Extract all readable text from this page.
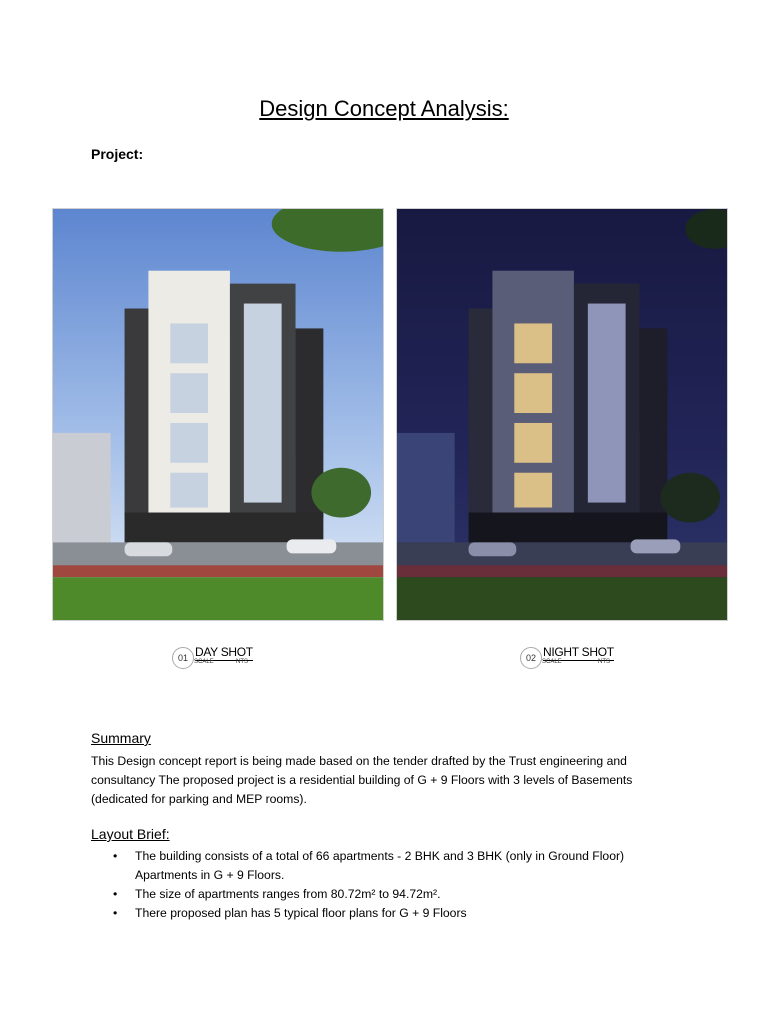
Design Concept Analysis:
Project:
01 DAY SHOT
SCALE	NTS	02 NIGHT SHOT
SCALE	NTS
Summary
This Design concept report is being made based on the tender drafted by the Trust engineering and consultancy The proposed project is a residential building of G + 9 Floors with 3 levels of Basements (dedicated for parking and MEP rooms).
Layout Brief:
• The building consists of a total of 66 apartments - 2 BHK and 3 BHK (only in Ground Floor) Apartments in G + 9 Floors.
• The size of apartments ranges from 80.72m² to 94.72m².
• There proposed plan has 5 typical floor plans for G + 9 Floors
